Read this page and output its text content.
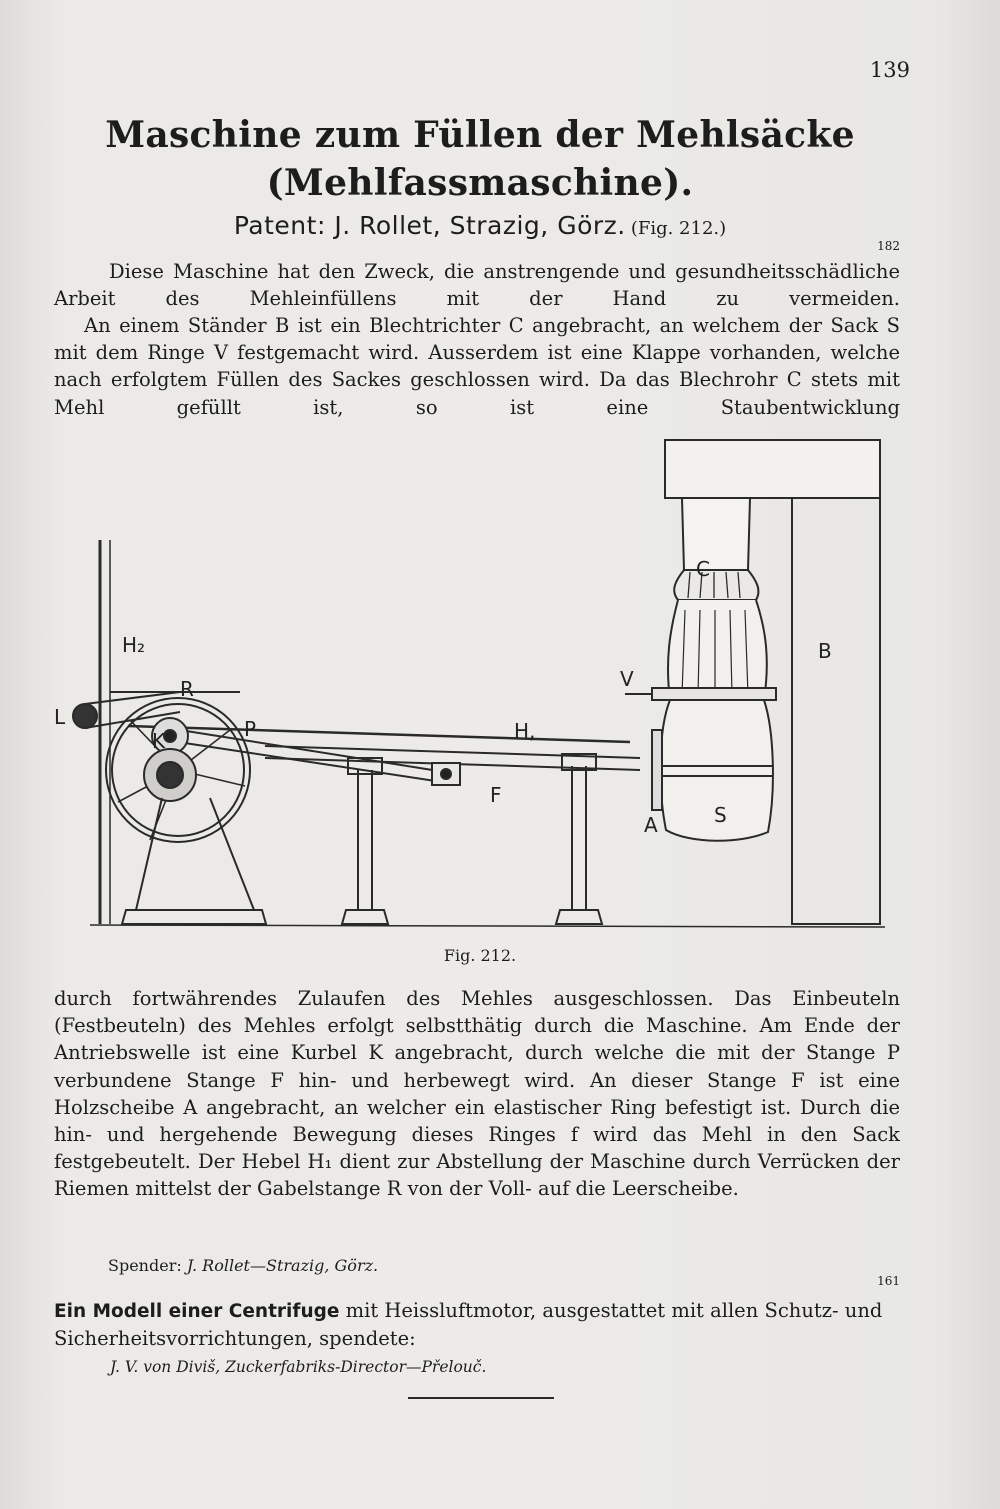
139
Maschine zum Füllen der Mehlsäcke
(Mehlfassmaschine).
Patent: J. Rollet, Strazig, Görz. (Fig. 212.)
182
Diese Maschine hat den Zweck, die anstrengende und gesundheitsschädliche Arbeit des Mehleinfüllens mit der Hand zu vermeiden.
An einem Ständer B ist ein Blechtrichter C angebracht, an welchem der Sack S mit dem Ringe V festgemacht wird. Ausserdem ist eine Klappe vorhanden, welche nach erfolgtem Füllen des Sackes geschlossen wird. Da das Blechrohr C stets mit Mehl gefüllt ist, so ist eine Staubentwicklung
C
B
H₂
R
L
K	P
V
H,
F
A	S
Fig. 212.
durch fortwährendes Zulaufen des Mehles ausgeschlossen. Das Einbeuteln (Festbeuteln) des Mehles erfolgt selbstthätig durch die Maschine. Am Ende der Antriebswelle ist eine Kurbel K angebracht, durch welche die mit der Stange P verbundene Stange F hin- und herbewegt wird. An dieser Stange F ist eine Holzscheibe A angebracht, an welcher ein elastischer Ring befestigt ist. Durch die hin- und hergehende Bewegung dieses Ringes f wird das Mehl in den Sack festgebeutelt. Der Hebel H₁ dient zur Abstellung der Maschine durch Verrücken der Riemen mittelst der Gabelstange R von der Voll- auf die Leerscheibe.
Spender: J. Rollet—Strazig, Görz.
161
Ein Modell einer Centrifuge mit Heissluftmotor, ausgestattet mit allen Schutz- und Sicherheitsvorrichtungen, spendete:
J. V. von Diviš, Zuckerfabriks-Director—Přelouč.
